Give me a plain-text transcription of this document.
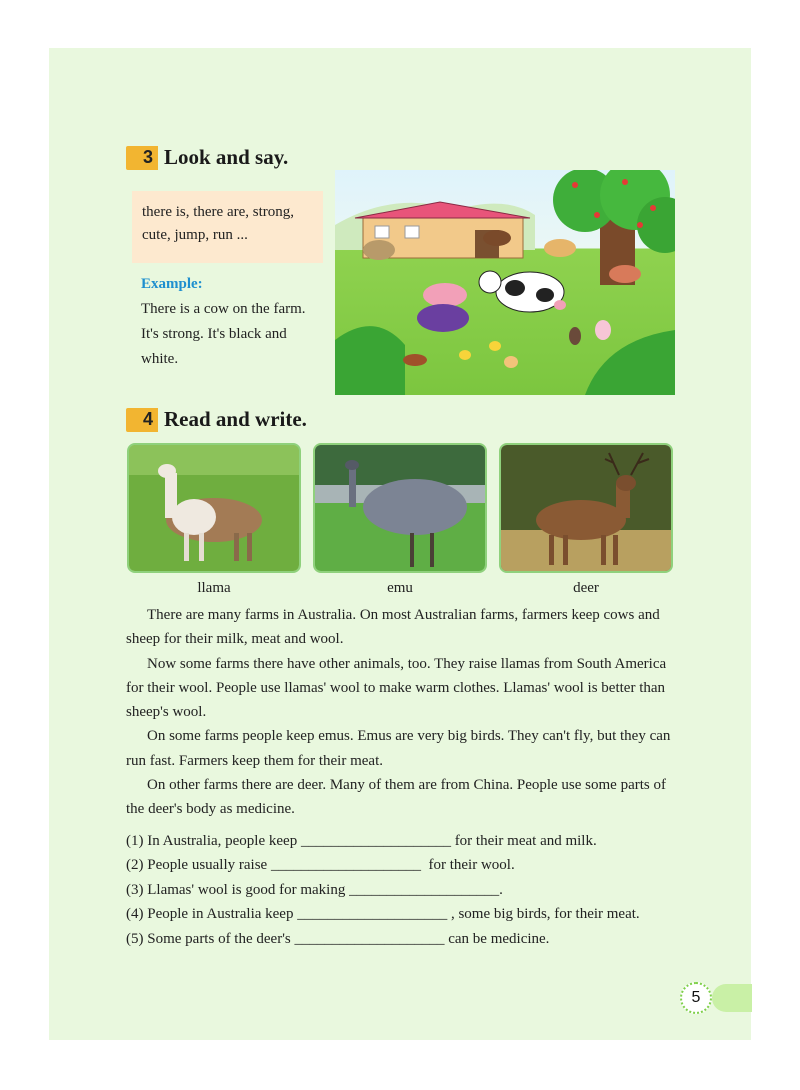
3 Look and say.
there is, there are, strong, cute, jump, run ...
Example:
There is a cow on the farm.
It's strong. It's black and
white.
4 Read and write.
llama	emu	deer

There are many farms in Australia. On most Australian farms, farmers keep cows and sheep for their milk, meat and wool.

Now some farms there have other animals, too. They raise llamas from South America for their wool. People use llamas' wool to make warm clothes. Llamas' wool is better than sheep's wool.

On some farms people keep emus. Emus are very big birds. They can't fly, but they can run fast. Farmers keep them for their meat.

On other farms there are deer. Many of them are from China. People use some parts of the deer's body as medicine.

(1) In Australia, people keep ____________________ for their meat and milk.
(2) People usually raise ____________________  for their wool.
(3) Llamas' wool is good for making ____________________.
(4) People in Australia keep ____________________ , some big birds, for their meat.
(5) Some parts of the deer's ____________________ can be medicine.
5
